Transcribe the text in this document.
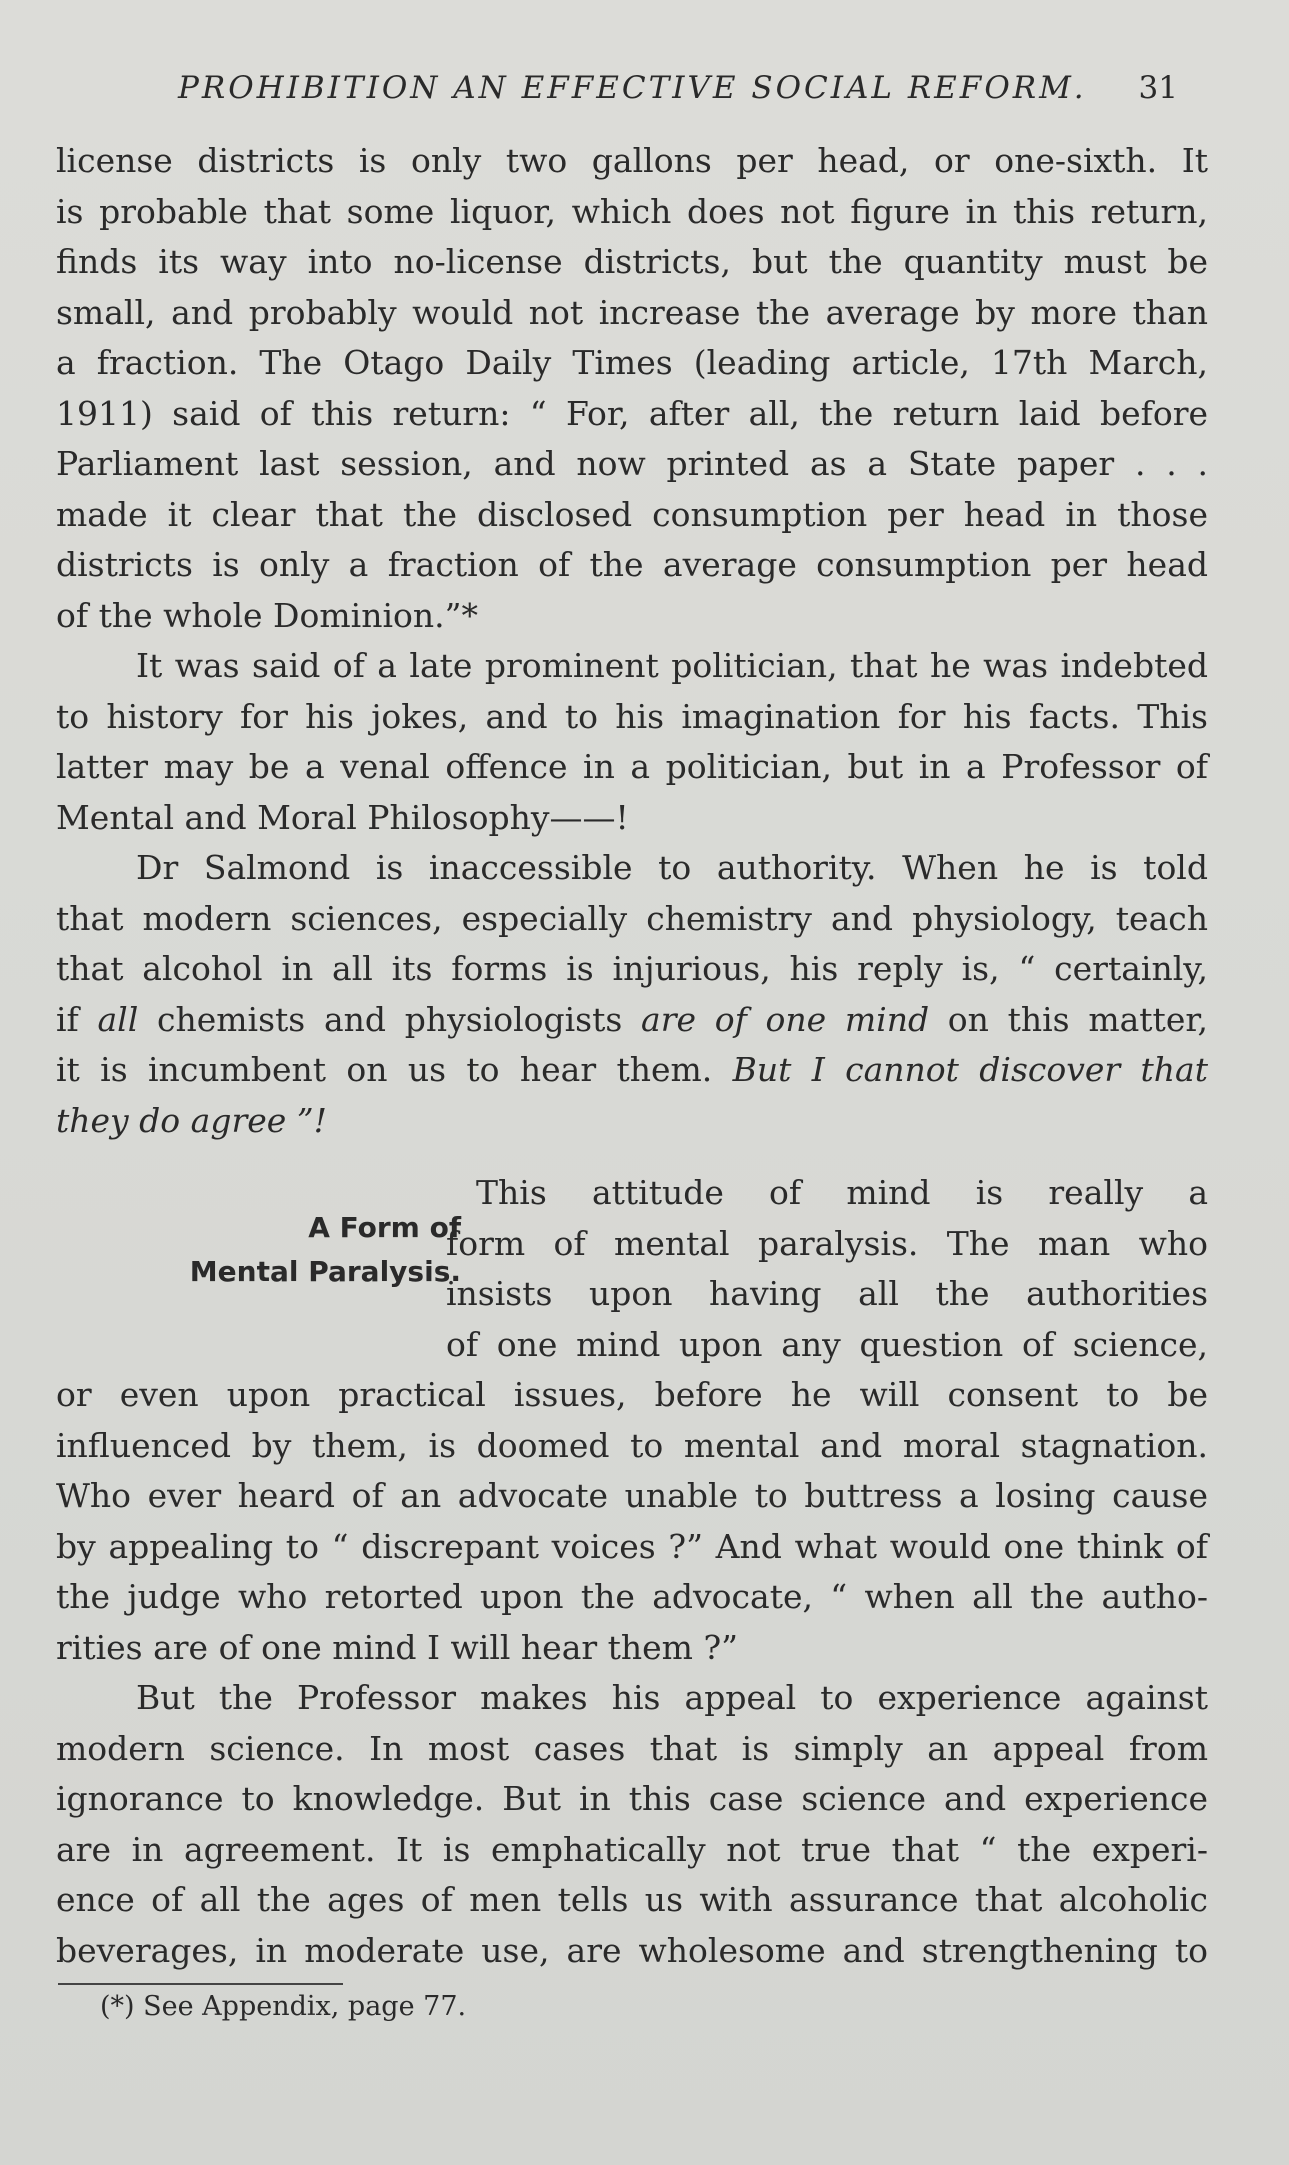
PROHIBITION AN EFFECTIVE SOCIAL REFORM. 31
license districts is only two gallons per head, or one-sixth. It
is probable that some liquor, which does not figure in this return,
finds its way into no-license districts, but the quantity must be
small, and probably would not increase the average by more than
a fraction. The Otago Daily Times (leading article, 17th March,
1911) said of this return: “ For, after all, the return laid before
Parliament last session, and now printed as a State paper . . .
made it clear that the disclosed consumption per head in those
districts is only a fraction of the average consumption per head
of the whole Dominion.”*
It was said of a late prominent politician, that he was indebted
to history for his jokes, and to his imagination for his facts. This
latter may be a venal offence in a politician, but in a Professor of
Mental and Moral Philosophy——!
Dr Salmond is inaccessible to authority. When he is told
that modern sciences, especially chemistry and physiology, teach
that alcohol in all its forms is injurious, his reply is, “ certainly,
if all chemists and physiologists are of one mind on this matter,
it is incumbent on us to hear them. But I cannot discover that
they do agree ”!
A Form of
Mental Paralysis.
This attitude of mind is really a
form of mental paralysis. The man who
insists upon having all the authorities
of one mind upon any question of science,
or even upon practical issues, before he will consent to be
influenced by them, is doomed to mental and moral stagnation.
Who ever heard of an advocate unable to buttress a losing cause
by appealing to “ discrepant voices ?” And what would one think of
the judge who retorted upon the advocate, “ when all the autho-
rities are of one mind I will hear them ?”
But the Professor makes his appeal to experience against
modern science. In most cases that is simply an appeal from
ignorance to knowledge. But in this case science and experience
are in agreement. It is emphatically not true that “ the experi-
ence of all the ages of men tells us with assurance that alcoholic
beverages, in moderate use, are wholesome and strengthening to
(*) See Appendix, page 77.
